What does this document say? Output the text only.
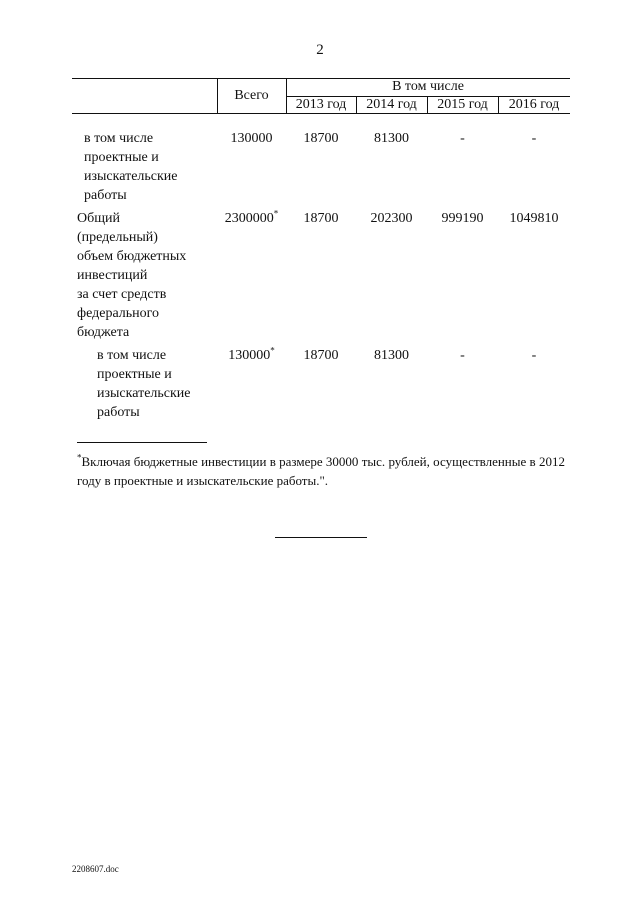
2
Всего
В том числе
2013 год	2014 год	2015 год	2016 год
в том числе
проектные и
изыскательские
работы
130000	18700	81300	-	-
Общий
(предельный)
объем бюджетных
инвестиций
за счет средств
федерального
бюджета
2300000*	18700	202300	999190	1049810
в том числе
проектные и
изыскательские
работы
130000*	18700	81300	-	-
*Включая бюджетные инвестиции в размере 30000 тыс. рублей, осуществленные в 2012 году в проектные и изыскательские работы.".
2208607.doc
